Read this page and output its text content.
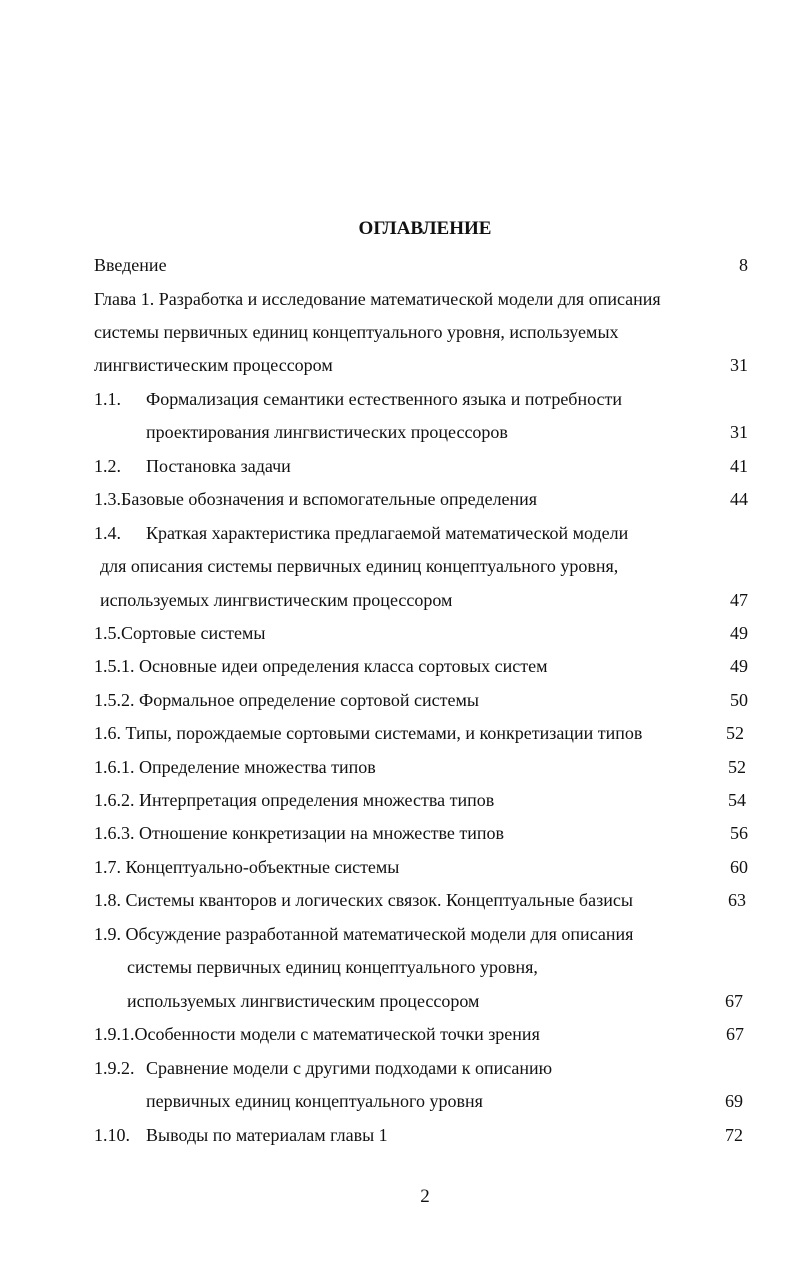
ОГЛАВЛЕНИЕ
Введение	8
Глава 1. Разработка и исследование математической модели для описания
системы первичных единиц концептуального уровня, используемых
лингвистическим процессором	31
1.1. Формализация семантики естественного языка и потребности
проектирования лингвистических процессоров	31
1.2. Постановка задачи	41
1.3.Базовые обозначения и вспомогательные определения	44
1.4. Краткая характеристика предлагаемой математической модели
для описания системы первичных единиц концептуального уровня,
используемых лингвистическим процессором	47
1.5.Сортовые системы	49
1.5.1. Основные идеи определения класса сортовых систем	49
1.5.2. Формальное определение сортовой системы	50
1.6. Типы, порождаемые сортовыми системами, и конкретизации типов	52
1.6.1. Определение множества типов	52
1.6.2. Интерпретация определения множества типов	54
1.6.3. Отношение конкретизации на множестве типов	56
1.7. Концептуально-объектные системы	60
1.8. Системы кванторов и логических связок. Концептуальные базисы	63
1.9. Обсуждение разработанной математической модели для описания
системы первичных единиц концептуального уровня,
используемых лингвистическим процессором	67
1.9.1.Особенности модели с математической точки зрения	67
1.9.2. Сравнение модели с другими подходами к описанию
первичных единиц концептуального уровня	69
1.10. Выводы по материалам главы 1	72
2
